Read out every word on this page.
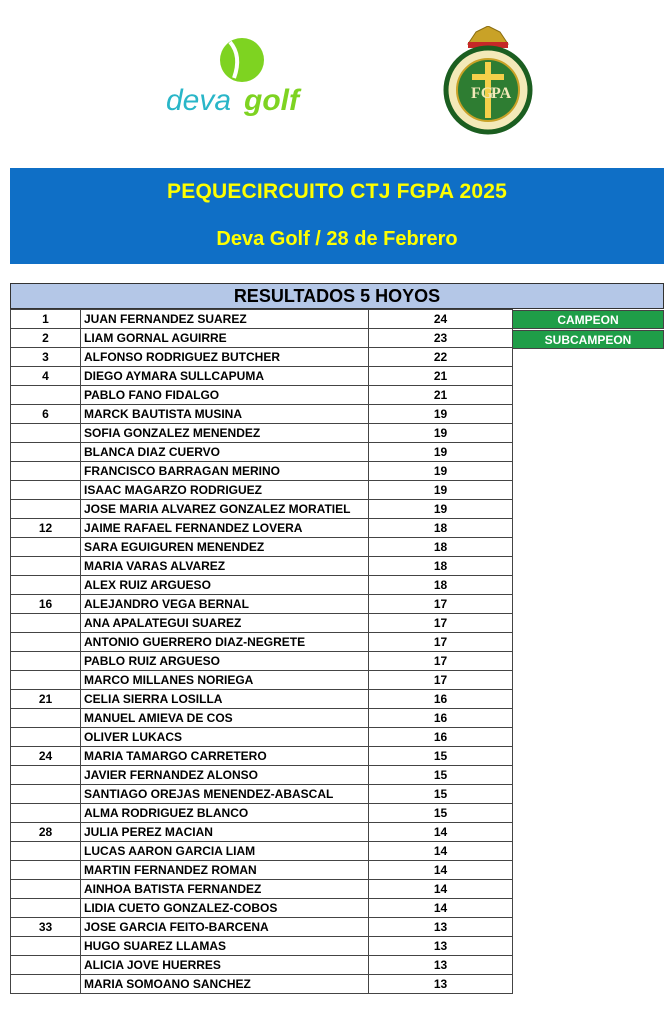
deva golf	FG
PA
PEQUECIRCUITO CTJ FGPA 2025
Deva Golf / 28 de Febrero
RESULTADOS 5 HOYOS
1	JUAN FERNANDEZ SUAREZ	24
2	LIAM GORNAL AGUIRRE	23
3	ALFONSO RODRIGUEZ BUTCHER	22
4	DIEGO AYMARA SULLCAPUMA	21
	PABLO FANO FIDALGO	21
6	MARCK BAUTISTA MUSINA	19
	SOFIA GONZALEZ MENENDEZ	19
	BLANCA DIAZ CUERVO	19
	FRANCISCO BARRAGAN MERINO	19
	ISAAC MAGARZO RODRIGUEZ	19
	JOSE MARIA ALVAREZ GONZALEZ MORATIEL	19
12	JAIME RAFAEL FERNANDEZ LOVERA	18
	SARA EGUIGUREN MENENDEZ	18
	MARIA VARAS ALVAREZ	18
	ALEX RUIZ ARGUESO	18
16	ALEJANDRO VEGA BERNAL	17
	ANA APALATEGUI SUAREZ	17
	ANTONIO GUERRERO DIAZ-NEGRETE	17
	PABLO RUIZ ARGUESO	17
	MARCO MILLANES NORIEGA	17
21	CELIA SIERRA LOSILLA	16
	MANUEL AMIEVA DE COS	16
	OLIVER LUKACS	16
24	MARIA TAMARGO CARRETERO	15
	JAVIER FERNANDEZ ALONSO	15
	SANTIAGO OREJAS MENENDEZ-ABASCAL	15
	ALMA RODRIGUEZ BLANCO	15
28	JULIA PEREZ MACIAN	14
	LUCAS AARON GARCIA LIAM	14
	MARTIN FERNANDEZ ROMAN	14
	AINHOA BATISTA FERNANDEZ	14
	LIDIA CUETO GONZALEZ-COBOS	14
33	JOSE GARCIA FEITO-BARCENA	13
	HUGO SUAREZ LLAMAS	13
	ALICIA JOVE HUERRES	13
	MARIA SOMOANO SANCHEZ	13
CAMPEON
SUBCAMPEON
